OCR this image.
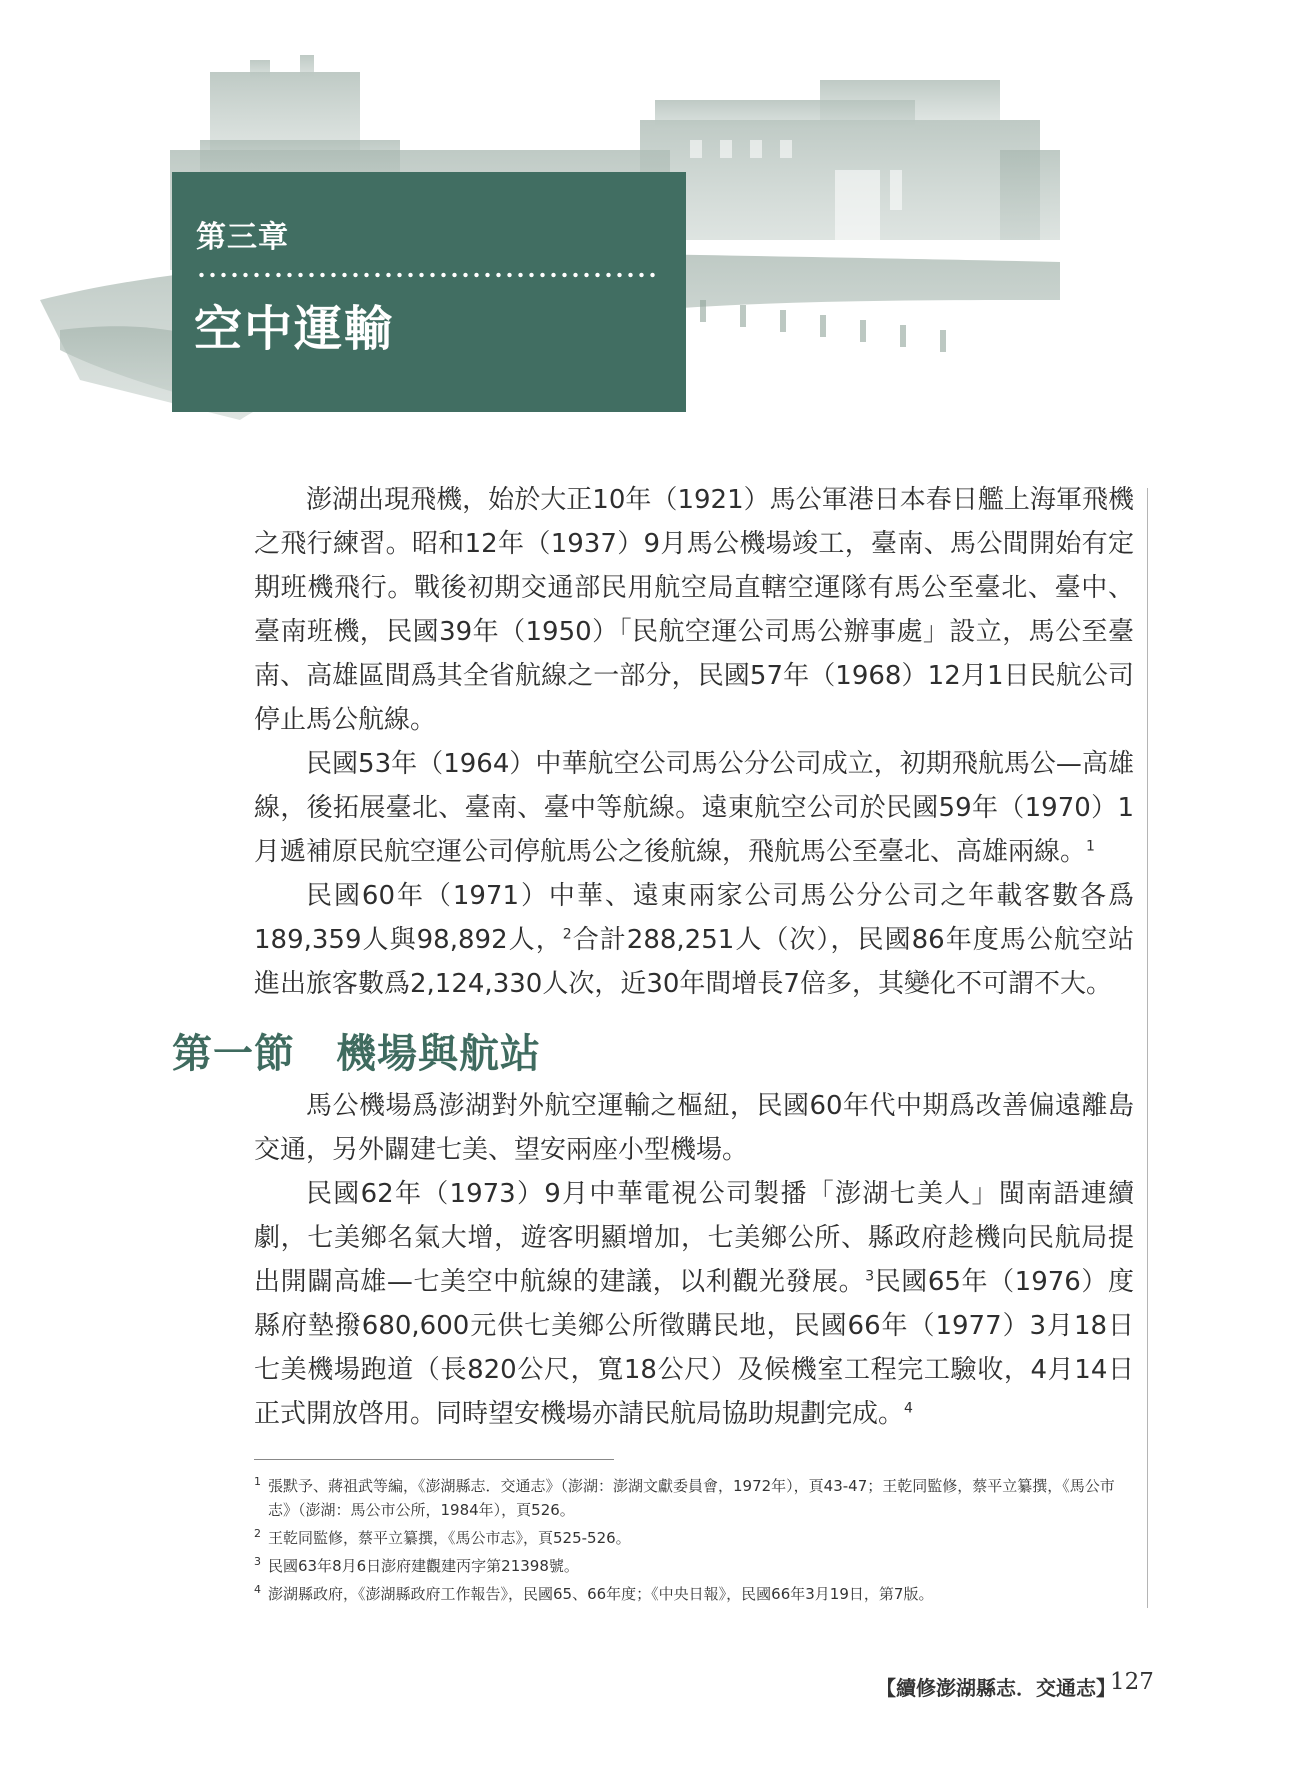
第三章
空中運輸

澎湖出現飛機，始於大正10年（1921）馬公軍港日本春日艦上海軍飛機之飛行練習。昭和12年（1937）9月馬公機場竣工，臺南、馬公間開始有定期班機飛行。戰後初期交通部民用航空局直轄空運隊有馬公至臺北、臺中、臺南班機，民國39年（1950）「民航空運公司馬公辦事處」設立，馬公至臺南、高雄區間爲其全省航線之一部分，民國57年（1968）12月1日民航公司停止馬公航線。

民國53年（1964）中華航空公司馬公分公司成立，初期飛航馬公—高雄線，後拓展臺北、臺南、臺中等航線。遠東航空公司於民國59年（1970）1月遞補原民航空運公司停航馬公之後航線，飛航馬公至臺北、高雄兩線。$^1$

民國60年（1971）中華、遠東兩家公司馬公分公司之年載客數各爲189,359人與98,892人，$^2$合計288,251人（次），民國86年度馬公航空站進出旅客數爲2,124,330人次，近30年間增長7倍多，其變化不可謂不大。

第一節　機場與航站

馬公機場爲澎湖對外航空運輸之樞紐，民國60年代中期爲改善偏遠離島交通，另外闢建七美、望安兩座小型機場。

民國62年（1973）9月中華電視公司製播「澎湖七美人」閩南語連續劇，七美鄉名氣大增，遊客明顯增加，七美鄉公所、縣政府趁機向民航局提出開闢高雄—七美空中航線的建議，以利觀光發展。$^3$民國65年（1976）度縣府墊撥680,600元供七美鄉公所徵購民地，民國66年（1977）3月18日七美機場跑道（長820公尺，寬18公尺）及候機室工程完工驗收，4月14日正式開放啓用。同時望安機場亦請民航局協助規劃完成。$^4$

1 張默予、蔣祖武等編，《澎湖縣志．交通志》（澎湖：澎湖文獻委員會，1972年），頁43-47；王乾同監修，蔡平立纂撰，《馬公市志》（澎湖：馬公市公所，1984年），頁526。

2 王乾同監修，蔡平立纂撰，《馬公市志》，頁525-526。

3 民國63年8月6日澎府建觀建丙字第21398號。

4 澎湖縣政府，《澎湖縣政府工作報告》，民國65、66年度；《中央日報》，民國66年3月19日，第7版。

【續修澎湖縣志．交通志】
127
